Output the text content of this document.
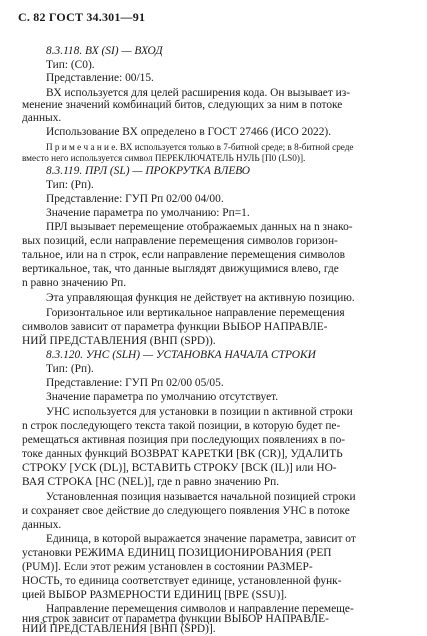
С. 82 ГОСТ 34.301—91
8.3.118. ВХ (SI) — ВХОД
Тип: (С0).
Представление: 00/15.
ВХ используется для целей расширения кода. Он вызывает из-
менение значений комбинаций битов, следующих за ним в потоке
данных.
Использование ВХ определено в ГОСТ 27466 (ИСО 2022).
П р и м е ч а н и е. ВХ используется только в 7-битной среде; в 8-битной среде
вместо него используется символ ПЕРЕКЛЮЧАТЕЛЬ НУЛЬ [П0 (LS0)].
8.3.119. ПРЛ (SL) — ПРОКРУТКА ВЛЕВО
Тип: (Рп).
Представление: ГУП Рп 02/00 04/00.
Значение параметра по умолчанию: Рп=1.
ПРЛ вызывает перемещение отображаемых данных на n знако-
вых позиций, если направление перемещения символов горизон-
тальное, или на n строк, если направление перемещения символов
вертикальное, так, что данные выглядят движущимися влево, где
n равно значению Рп.
Эта управляющая функция не действует на активную позицию.
Горизонтальное или вертикальное направление перемещения
символов зависит от параметра функции ВЫБОР НАПРАВЛЕ-
НИЙ ПРЕДСТАВЛЕНИЯ (ВНП (SPD)).
8.3.120. УНС (SLH) — УСТАНОВКА НАЧАЛА СТРОКИ
Тип: (Рп).
Представление: ГУП Рп 02/00 05/05.
Значение параметра по умолчанию отсутствует.
УНС используется для установки в позиции n активной строки
n строк последующего текста такой позиции, в которую будет пе-
ремещаться активная позиция при последующих появлениях в по-
токе данных функций ВОЗВРАТ КАРЕТКИ [ВК (CR)], УДАЛИТЬ
СТРОКУ [УСК (DL)], ВСТАВИТЬ СТРОКУ [ВСК (IL)] или НО-
ВАЯ СТРОКА [НС (NEL)], где n равно значению Рп.
Установленная позиция называется начальной позицией строки
и сохраняет свое действие до следующего появления УНС в потоке
данных.
Единица, в которой выражается значение параметра, зависит от
установки РЕЖИМА ЕДИНИЦ ПОЗИЦИОНИРОВАНИЯ (РЕП
(PUM)]. Если этот режим установлен в состоянии РАЗМЕР-
НОСТЬ, то единица соответствует единице, установленной функ-
цией ВЫБОР РАЗМЕРНОСТИ ЕДИНИЦ [ВРЕ (SSU)].
Направление перемещения символов и направление перемеще-
ния строк зависит от параметра функции ВЫБОР НАПРАВЛЕ-
НИЙ ПРЕДСТАВЛЕНИЯ [ВНП (SPD)].
